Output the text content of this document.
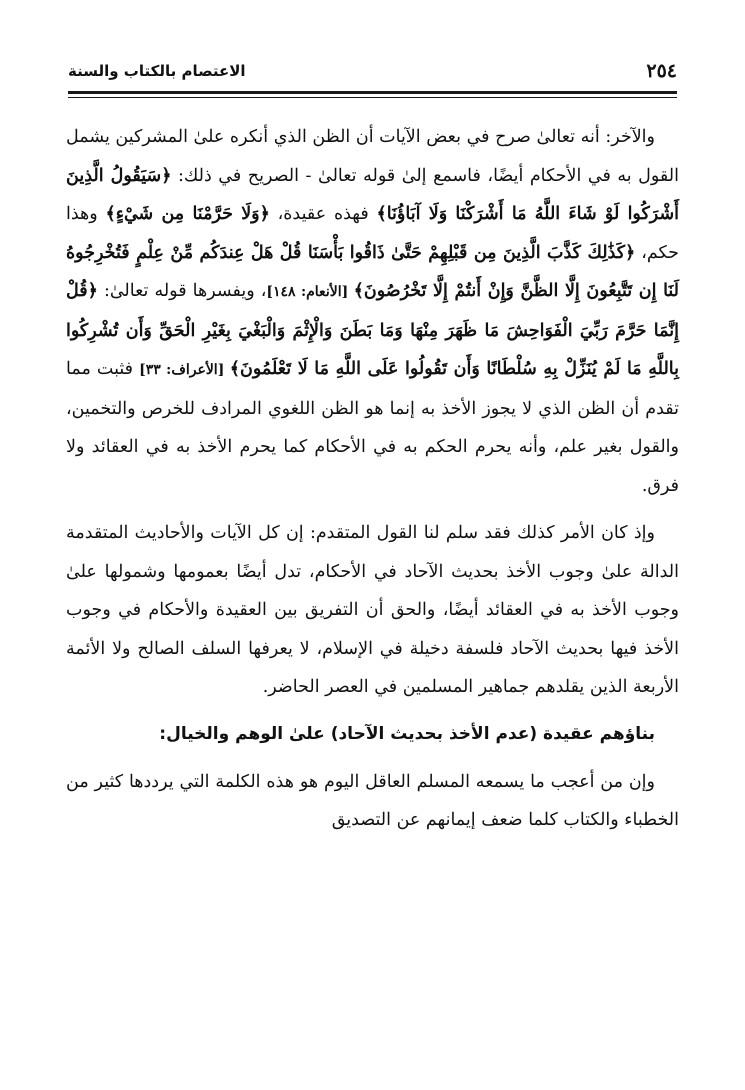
٢٥٤
الاعتصام بالكتاب والسنة

والآخر: أنه تعالىٰ صرح في بعض الآيات أن الظن الذي أنكره علىٰ المشركين يشمل القول به في الأحكام أيضًا، فاسمع إلىٰ قوله تعالىٰ - الصريح في ذلك: ﴿سَيَقُولُ الَّذِينَ أَشْرَكُوا لَوْ شَاءَ اللَّهُ مَا أَشْرَكْنَا وَلَا آبَاؤُنَا﴾ فهذه عقيدة، ﴿وَلَا حَرَّمْنَا مِن شَيْءٍ﴾ وهذا حكم، ﴿كَذَٰلِكَ كَذَّبَ الَّذِينَ مِن قَبْلِهِمْ حَتَّىٰ ذَاقُوا بَأْسَنَا قُلْ هَلْ عِندَكُم مِّنْ عِلْمٍ فَتُخْرِجُوهُ لَنَا إِن تَتَّبِعُونَ إِلَّا الظَّنَّ وَإِنْ أَنتُمْ إِلَّا تَخْرُصُونَ﴾ [الأنعام: ١٤٨]، ويفسرها قوله تعالىٰ: ﴿قُلْ إِنَّمَا حَرَّمَ رَبِّيَ الْفَوَاحِشَ مَا ظَهَرَ مِنْهَا وَمَا بَطَنَ وَالْإِثْمَ وَالْبَغْيَ بِغَيْرِ الْحَقِّ وَأَن تُشْرِكُوا بِاللَّهِ مَا لَمْ يُنَزِّلْ بِهِ سُلْطَانًا وَأَن تَقُولُوا عَلَى اللَّهِ مَا لَا تَعْلَمُونَ﴾ [الأعراف: ٣٣] فثبت مما تقدم أن الظن الذي لا يجوز الأخذ به إنما هو الظن اللغوي المرادف للخرص والتخمين، والقول بغير علم، وأنه يحرم الحكم به في الأحكام كما يحرم الأخذ به في العقائد ولا فرق.

وإذ كان الأمر كذلك فقد سلم لنا القول المتقدم: إن كل الآيات والأحاديث المتقدمة الدالة علىٰ وجوب الأخذ بحديث الآحاد في الأحكام، تدل أيضًا بعمومها وشمولها علىٰ وجوب الأخذ به في العقائد أيضًا، والحق أن التفريق بين العقيدة والأحكام في وجوب الأخذ فيها بحديث الآحاد فلسفة دخيلة في الإسلام، لا يعرفها السلف الصالح ولا الأئمة الأربعة الذين يقلدهم جماهير المسلمين في العصر الحاضر.

بناؤهم عقيدة (عدم الأخذ بحديث الآحاد) علىٰ الوهم والخيال:

وإن من أعجب ما يسمعه المسلم العاقل اليوم هو هذه الكلمة التي يرددها كثير من الخطباء والكتاب كلما ضعف إيمانهم عن التصديق
